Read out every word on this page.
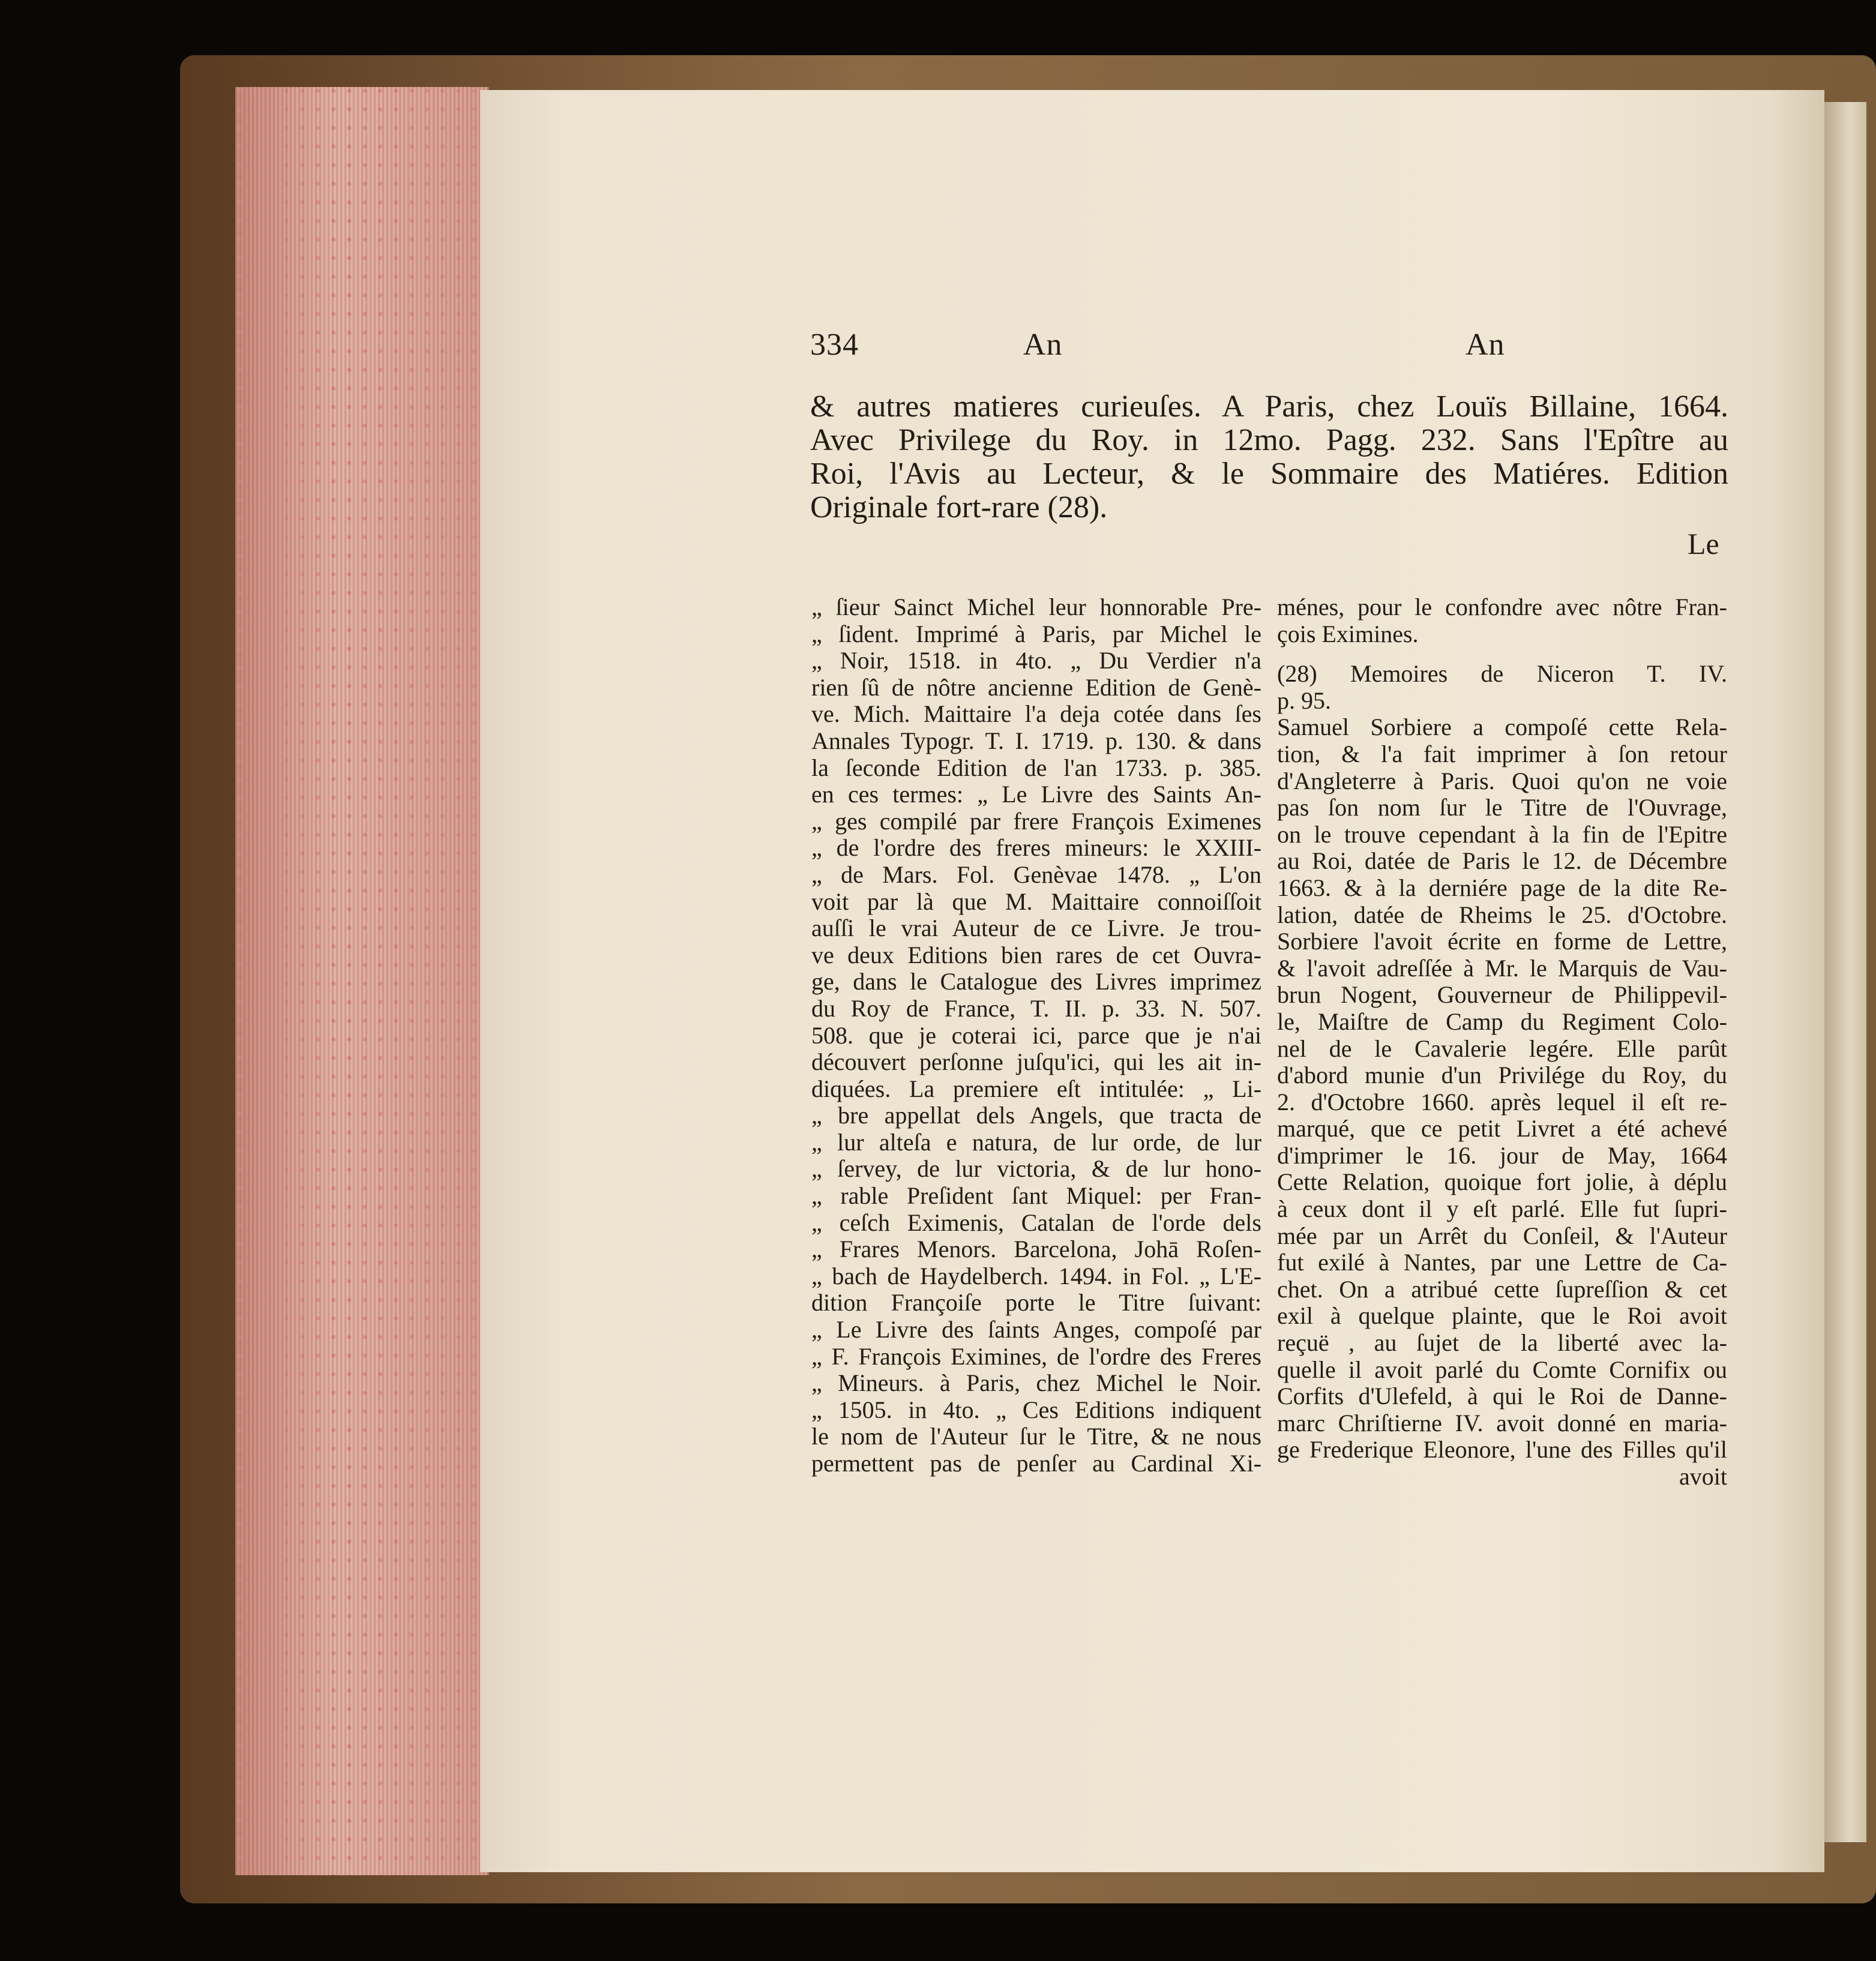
334	An	An
& autres matieres curieuſes. A Paris, chez Louïs Billaine, 1664.
Avec Privilege du Roy. in 12mo. Pagg. 232. Sans l'Epître au
Roi, l'Avis au Lecteur, & le Sommaire des Matiéres. Edition
Originale fort-rare (28).
Le
„ ſieur Sainct Michel leur honnorable Pre-
„ ſident. Imprimé à Paris, par Michel le
„ Noir, 1518. in 4to. „ Du Verdier n'a
rien ſû de nôtre ancienne Edition de Genè-
ve. Mich. Maittaire l'a deja cotée dans ſes
Annales Typogr. T. I. 1719. p. 130. & dans
la ſeconde Edition de l'an 1733. p. 385.
en ces termes: „ Le Livre des Saints An-
„ ges compilé par frere François Eximenes
„ de l'ordre des freres mineurs: le XXIII-
„ de Mars. Fol. Genèvae 1478. „ L'on
voit par là que M. Maittaire connoiſſoit
auſſi le vrai Auteur de ce Livre. Je trou-
ve deux Editions bien rares de cet Ouvra-
ge, dans le Catalogue des Livres imprimez
du Roy de France, T. II. p. 33. N. 507.
508. que je coterai ici, parce que je n'ai
découvert perſonne juſqu'ici, qui les ait in-
diquées. La premiere eſt intitulée: „ Li-
„ bre appellat dels Angels, que tracta de
„ lur alteſa e natura, de lur orde, de lur
„ ſervey, de lur victoria, & de lur hono-
„ rable Preſident ſant Miquel: per Fran-
„ ceſch Eximenis, Catalan de l'orde dels
„ Frares Menors. Barcelona, Johā Roſen-
„ bach de Haydelberch. 1494. in Fol. „ L'E-
dition Françoiſe porte le Titre ſuivant:
„ Le Livre des ſaints Anges, compoſé par
„ F. François Eximines, de l'ordre des Freres
„ Mineurs. à Paris, chez Michel le Noir.
„ 1505. in 4to. „ Ces Editions indiquent
le nom de l'Auteur ſur le Titre, & ne nous
permettent pas de penſer au Cardinal Xi-
ménes, pour le confondre avec nôtre Fran-
çois Eximines.
(28) Memoires de Niceron T. IV.
p. 95.
Samuel Sorbiere a compoſé cette Rela-
tion, & l'a fait imprimer à ſon retour
d'Angleterre à Paris. Quoi qu'on ne voie
pas ſon nom ſur le Titre de l'Ouvrage,
on le trouve cependant à la fin de l'Epitre
au Roi, datée de Paris le 12. de Décembre
1663. & à la derniére page de la dite Re-
lation, datée de Rheims le 25. d'Octobre.
Sorbiere l'avoit écrite en forme de Lettre,
& l'avoit adreſſée à Mr. le Marquis de Vau-
brun Nogent, Gouverneur de Philippevil-
le, Maiſtre de Camp du Regiment Colo-
nel de le Cavalerie legére. Elle parût
d'abord munie d'un Privilége du Roy, du
2. d'Octobre 1660. après lequel il eſt re-
marqué, que ce petit Livret a été achevé
d'imprimer le 16. jour de May, 1664
Cette Relation, quoique fort jolie, à déplu
à ceux dont il y eſt parlé. Elle fut ſupri-
mée par un Arrêt du Conſeil, & l'Auteur
fut exilé à Nantes, par une Lettre de Ca-
chet. On a atribué cette ſupreſſion & cet
exil à quelque plainte, que le Roi avoit
reçuë , au ſujet de la liberté avec la-
quelle il avoit parlé du Comte Cornifix ou
Corfits d'Ulefeld, à qui le Roi de Danne-
marc Chriſtierne IV. avoit donné en maria-
ge Frederique Eleonore, l'une des Filles qu'il
avoit
